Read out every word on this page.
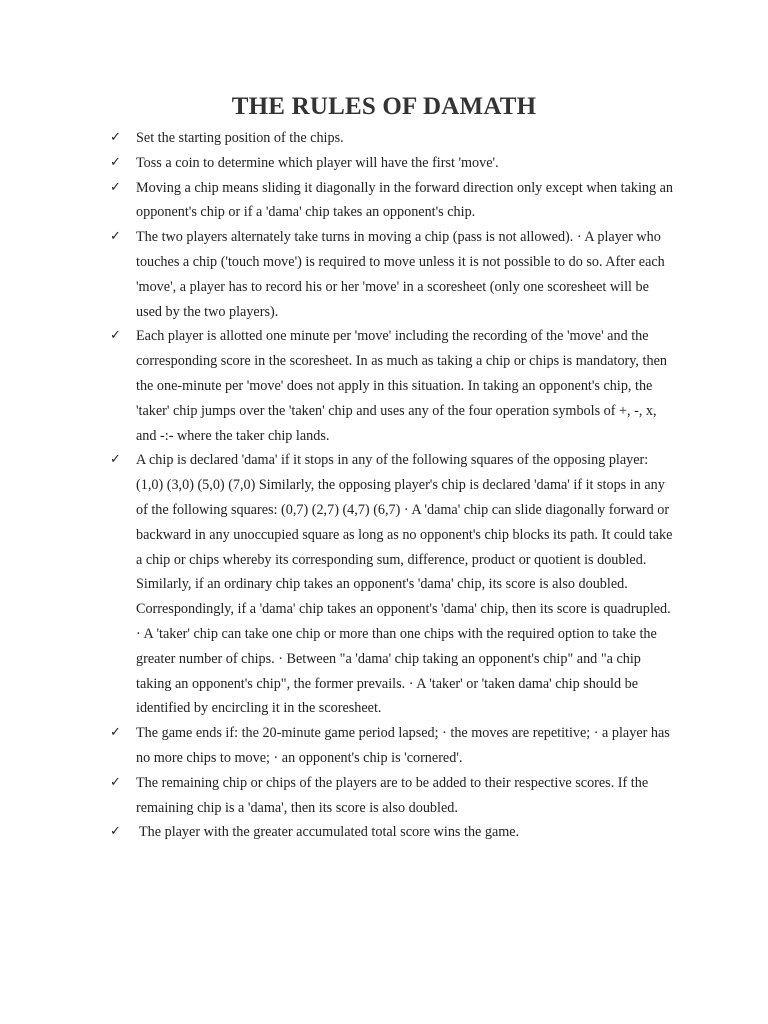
THE RULES OF DAMATH
✓ Set the starting position of the chips.
✓ Toss a coin to determine which player will have the first 'move'.
✓ Moving a chip means sliding it diagonally in the forward direction only except when taking an opponent's chip or if a 'dama' chip takes an opponent's chip.
✓ The two players alternately take turns in moving a chip (pass is not allowed). · A player who touches a chip ('touch move') is required to move unless it is not possible to do so. After each 'move', a player has to record his or her 'move' in a scoresheet (only one scoresheet will be used by the two players).
✓ Each player is allotted one minute per 'move' including the recording of the 'move' and the corresponding score in the scoresheet. In as much as taking a chip or chips is mandatory, then the one-minute per 'move' does not apply in this situation. In taking an opponent's chip, the 'taker' chip jumps over the 'taken' chip and uses any of the four operation symbols of +, -, x, and -:- where the taker chip lands.
✓ A chip is declared 'dama' if it stops in any of the following squares of the opposing player: (1,0) (3,0) (5,0) (7,0) Similarly, the opposing player's chip is declared 'dama' if it stops in any of the following squares: (0,7) (2,7) (4,7) (6,7) · A 'dama' chip can slide diagonally forward or backward in any unoccupied square as long as no opponent's chip blocks its path. It could take a chip or chips whereby its corresponding sum, difference, product or quotient is doubled. Similarly, if an ordinary chip takes an opponent's 'dama' chip, its score is also doubled. Correspondingly, if a 'dama' chip takes an opponent's 'dama' chip, then its score is quadrupled. · A 'taker' chip can take one chip or more than one chips with the required option to take the greater number of chips. · Between "a 'dama' chip taking an opponent's chip" and "a chip taking an opponent's chip", the former prevails. · A 'taker' or 'taken dama' chip should be identified by encircling it in the scoresheet.
✓ The game ends if: the 20-minute game period lapsed; · the moves are repetitive; · a player has no more chips to move; · an opponent's chip is 'cornered'.
✓ The remaining chip or chips of the players are to be added to their respective scores. If the remaining chip is a 'dama', then its score is also doubled.
✓ The player with the greater accumulated total score wins the game.
